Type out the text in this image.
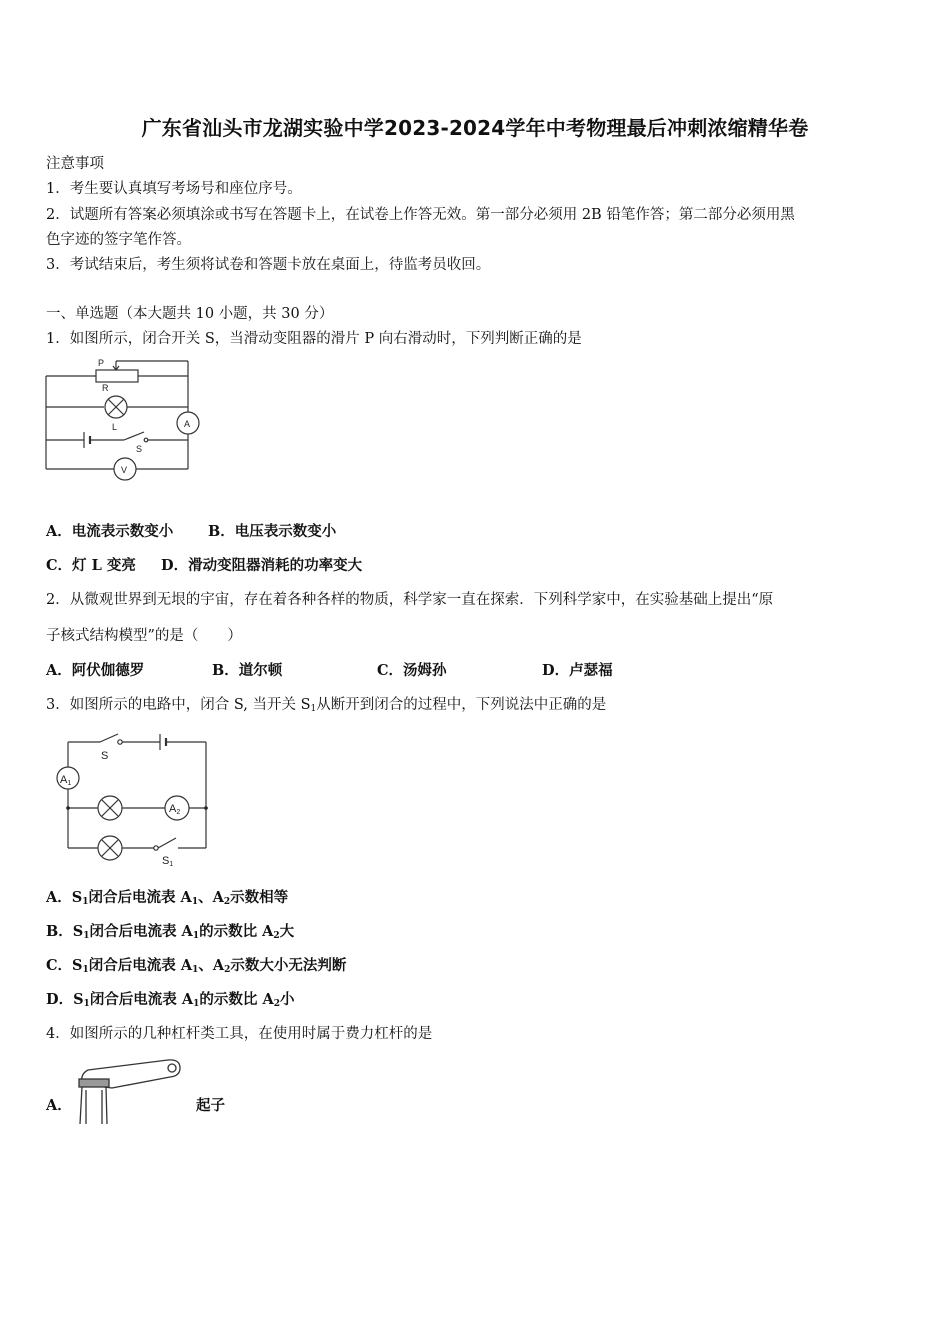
广东省汕头市龙湖实验中学2023-2024学年中考物理最后冲刺浓缩精华卷
注意事项
1．考生要认真填写考场号和座位序号。
2．试题所有答案必须填涂或书写在答题卡上，在试卷上作答无效。第一部分必须用 2B 铅笔作答；第二部分必须用黑
色字迹的签字笔作答。
3．考试结束后，考生须将试卷和答题卡放在桌面上，待监考员收回。
一、单选题（本大题共 10 小题，共 30 分）
1．如图所示，闭合开关 S，当滑动变阻器的滑片 P 向右滑动时，下列判断正确的是
P
R
L
S
A
V
A．电流表示数变小 B．电压表示数变小
C．灯 L 变亮 D．滑动变阻器消耗的功率变大
2．从微观世界到无垠的宇宙，存在着各种各样的物质，科学家一直在探索．下列科学家中，在实验基础上提出“原
子核式结构模型”的是（　　）
A．阿伏伽德罗	B．道尔顿	C．汤姆孙	D．卢瑟福
3．如图所示的电路中，闭合 S, 当开关 $S_1$从断开到闭合的过程中，下列说法中正确的是
S
A1
A2
S1
A．$S_1$闭合后电流表 $A_1$、$A_2$示数相等
B．$S_1$闭合后电流表 $A_1$的示数比 $A_2$大
C．$S_1$闭合后电流表 $A_1$、$A_2$示数大小无法判断
D．$S_1$闭合后电流表 $A_1$的示数比 $A_2$小
4．如图所示的几种杠杆类工具，在使用时属于费力杠杆的是
A．	起子
